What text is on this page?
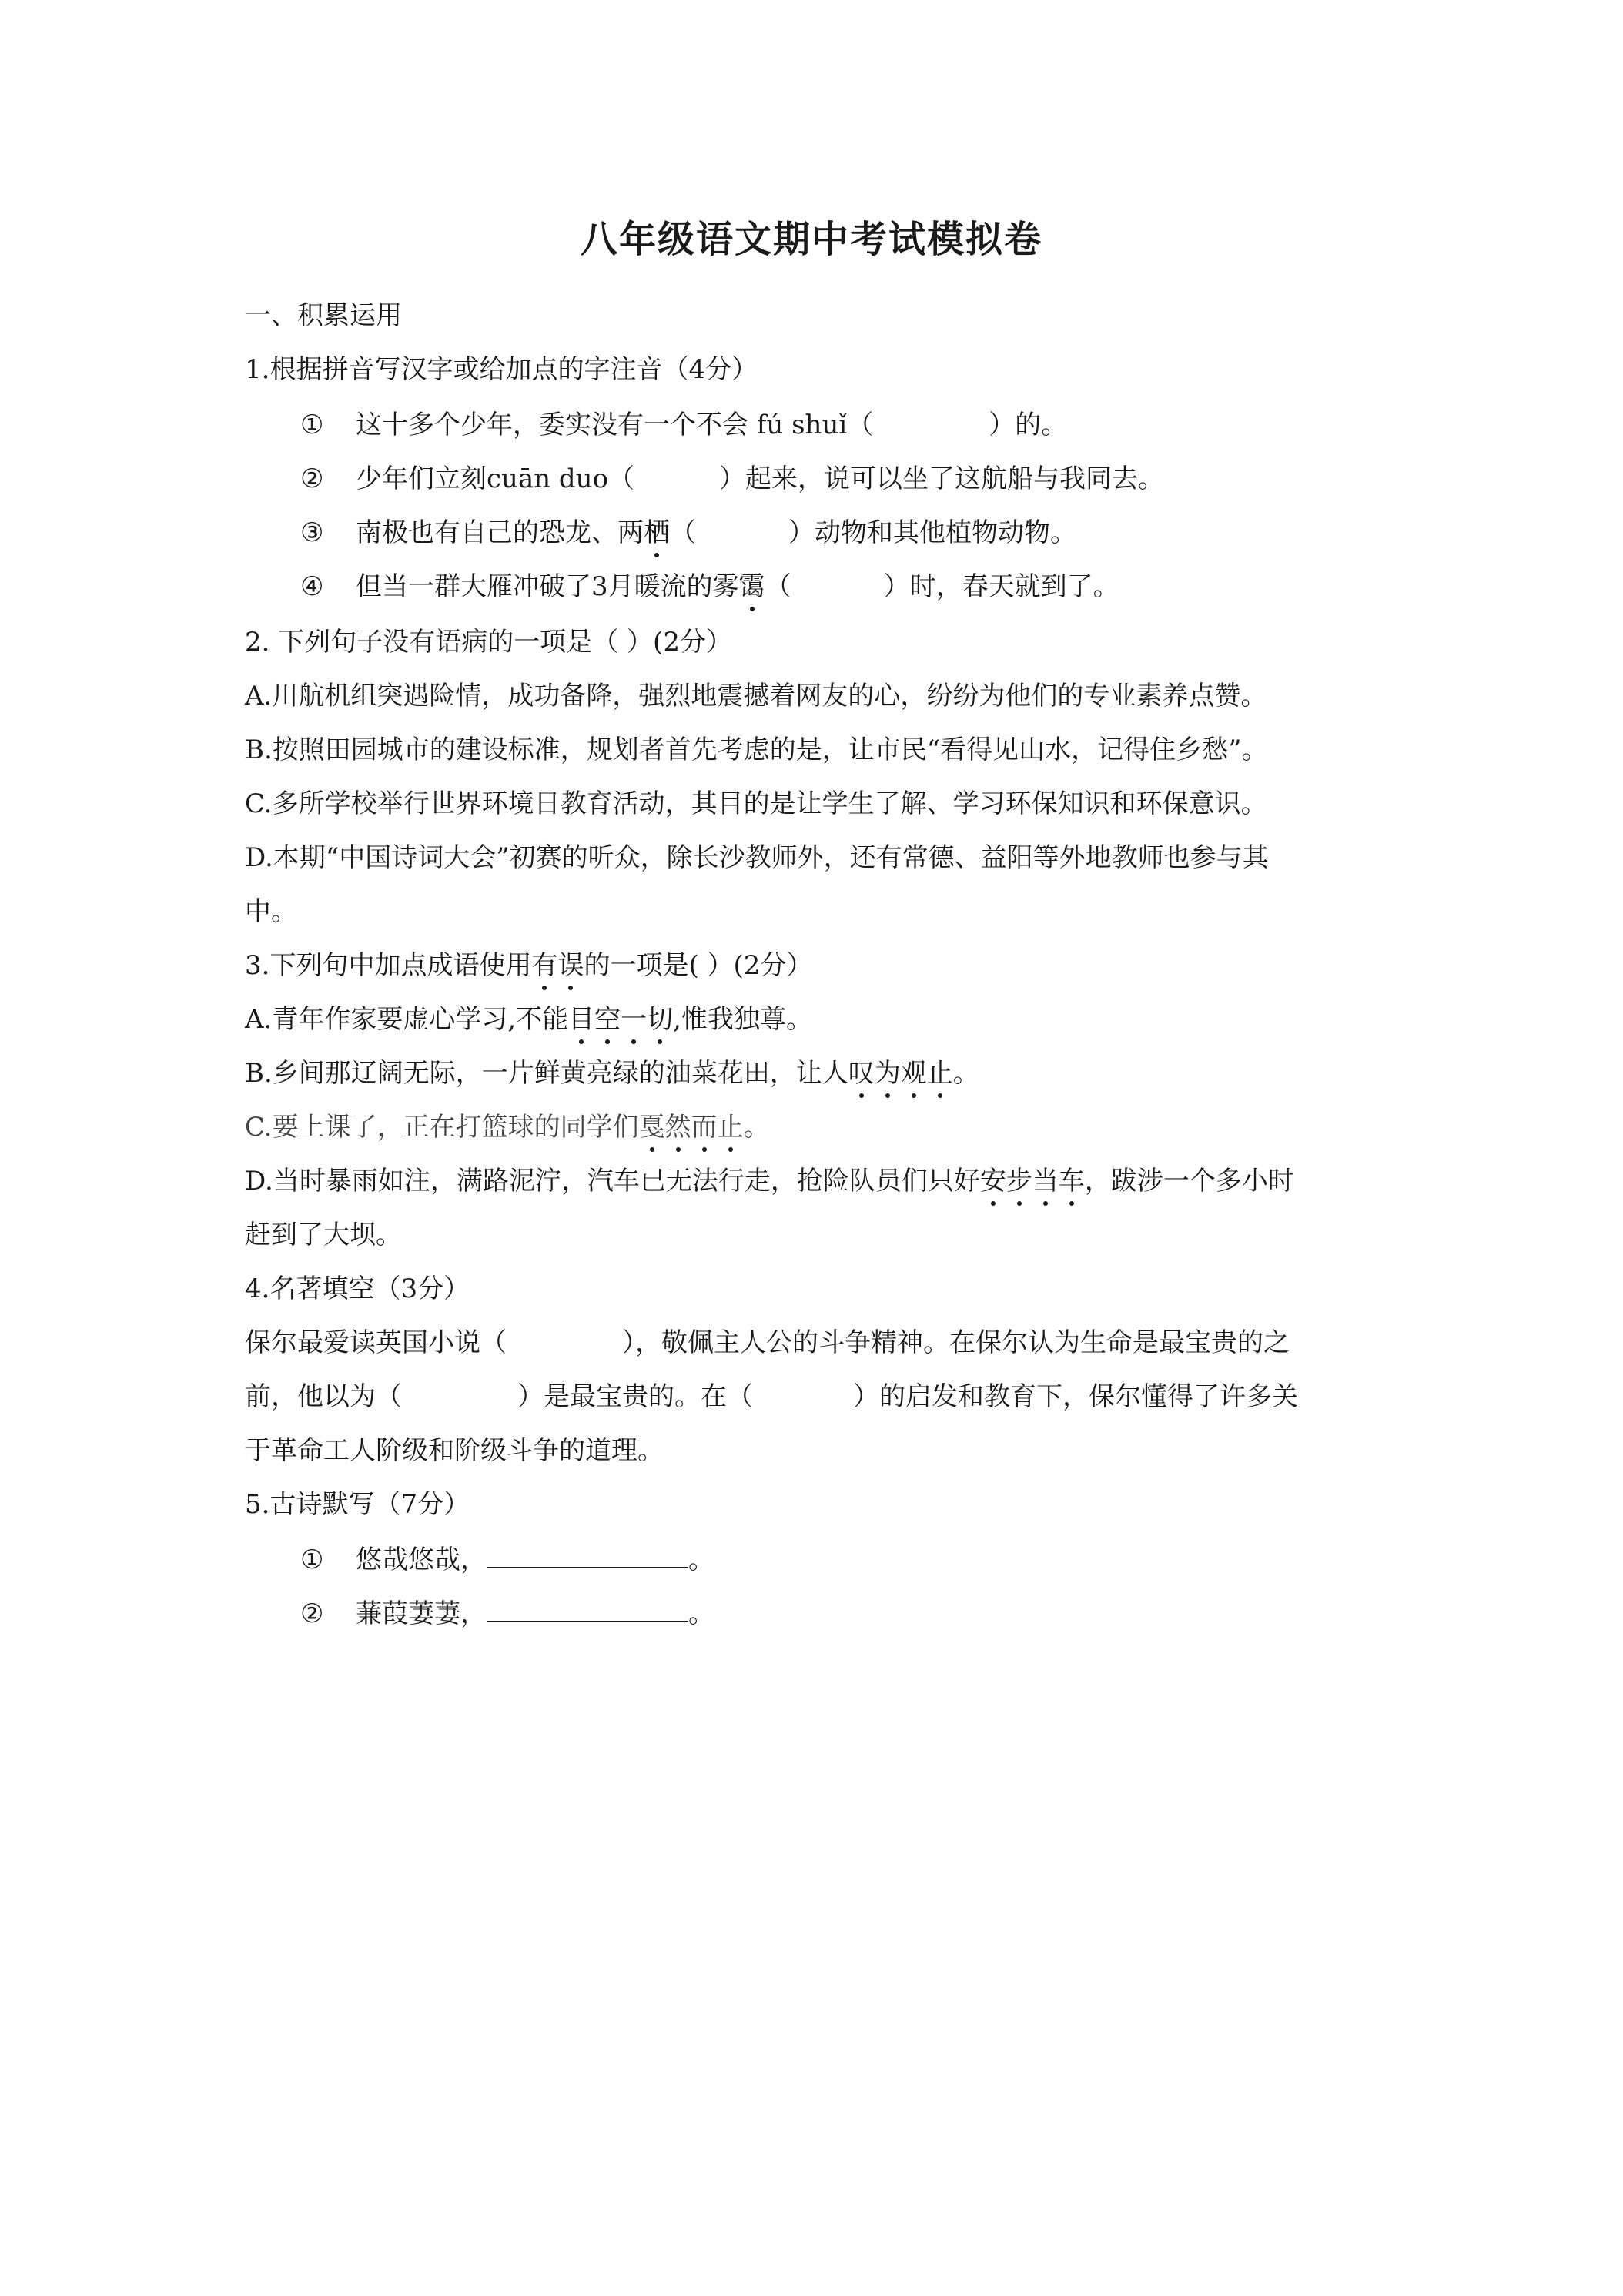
八年级语文期中考试模拟卷
一、积累运用
1.根据拼音写汉字或给加点的字注音（4分）
① 这十多个少年，委实没有一个不会 fú shuǐ（	）的。
② 少年们立刻cuān duo（	）起来，说可以坐了这航船与我同去。
③ 南极也有自己的恐龙、两栖（	）动物和其他植物动物。
④ 但当一群大雁冲破了3月暖流的雾霭（	）时，春天就到了。
2. 下列句子没有语病的一项是（ ）(2分）
A.川航机组突遇险情，成功备降，强烈地震撼着网友的心，纷纷为他们的专业素养点赞。
B.按照田园城市的建设标准，规划者首先考虑的是，让市民“看得见山水，记得住乡愁”。
C.多所学校举行世界环境日教育活动，其目的是让学生了解、学习环保知识和环保意识。
D.本期“中国诗词大会”初赛的听众，除长沙教师外，还有常德、益阳等外地教师也参与其
中。
3.下列句中加点成语使用有误的一项是( ）(2分）
A.青年作家要虚心学习,不能目空一切,惟我独尊。
B.乡间那辽阔无际，一片鲜黄亮绿的油菜花田，让人叹为观止。
C.要上课了，正在打篮球的同学们戛然而止。
D.当时暴雨如注，满路泥泞，汽车已无法行走，抢险队员们只好安步当车，跋涉一个多小时
赶到了大坝。
4.名著填空（3分）
保尔最爱读英国小说（	），敬佩主人公的斗争精神。在保尔认为生命是最宝贵的之
前，他以为（	）是最宝贵的。在（	）的启发和教育下，保尔懂得了许多关
于革命工人阶级和阶级斗争的道理。
5.古诗默写（7分）
① 悠哉悠哉，	。
② 蒹葭萋萋，	。
